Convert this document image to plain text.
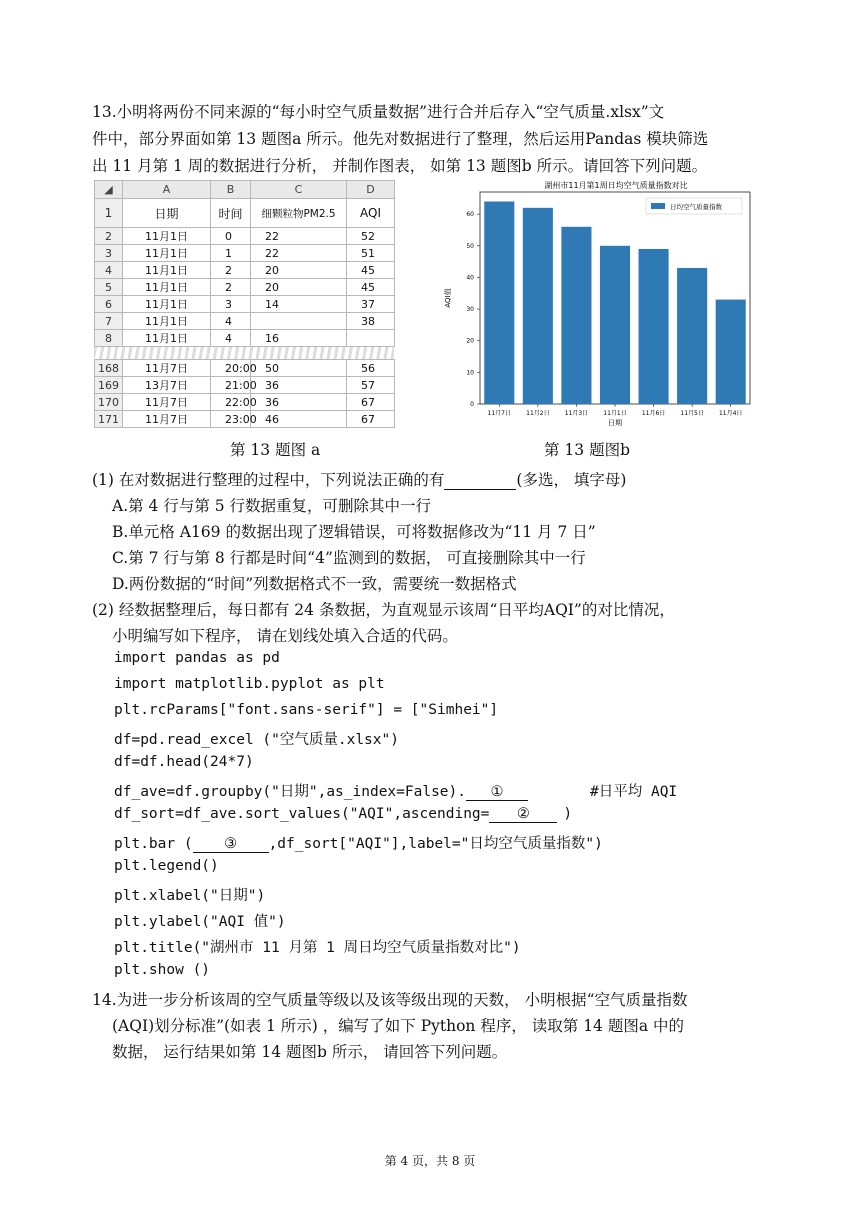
13.小明将两份不同来源的“每小时空气质量数据”进行合并后存入“空气质量.xlsx”文
件中，部分界面如第 13 题图a 所示。他先对数据进行了整理，然后运用Pandas 模块筛选
出 11 月第 1 周的数据进行分析， 并制作图表， 如第 13 题图b 所示。请回答下列问题。
◢	A	B	C	D
1	日期	时间	细颗粒物PM2.5	AQI
2	11月1日	0	22	52
3	11月1日	1	22	51
4	11月1日	2	20	45
5	11月1日	2	20	45
6	11月1日	3	14	37
7	11月1日	4		38
8	11月1日	4	16	
168	11月7日	20:00	50	56
169	13月7日	21:00	36	57
170	11月7日	22:00	36	67
171	11月7日	23:00	46	67
湖州市11月第1周日均空气质量指数对比
0
10
20
30
40
50
60
11月7日	11月2日	11月3日	11月1日	11月6日	11月5日	11月4日
日期
AQI值
日均空气质量指数
第 13 题图 a	第 13 题图b
(1) 在对数据进行整理的过程中，下列说法正确的有	(多选， 填字母)
A.第 4 行与第 5 行数据重复，可删除其中一行
B.单元格 A169 的数据出现了逻辑错误，可将数据修改为“11 月 7 日”
C.第 7 行与第 8 行都是时间“4”监测到的数据， 可直接删除其中一行
D.两份数据的“时间”列数据格式不一致，需要统一数据格式
(2) 经数据整理后，每日都有 24 条数据，为直观显示该周“日平均AQI”的对比情况，
小明编写如下程序， 请在划线处填入合适的代码。
import pandas as pd
import matplotlib.pyplot as plt
plt.rcParams["font.sans-serif"] = ["Simhei"]
df=pd.read_excel ("空气质量.xlsx")
df=df.head(24*7)
df_ave=df.groupby("日期",as_index=False). ①	#日平均 AQI
df_sort=df_ave.sort_values("AQI",ascending= ② )
plt.bar ( ③ ,df_sort["AQI"],label="日均空气质量指数")
plt.legend()
plt.xlabel("日期")
plt.ylabel("AQI 值")
plt.title("湖州市 11 月第 1 周日均空气质量指数对比")
plt.show ()
14.为进一步分析该周的空气质量等级以及该等级出现的天数， 小明根据“空气质量指数
(AQI)划分标准”(如表 1 所示) ，编写了如下 Python 程序， 读取第 14 题图a 中的
数据， 运行结果如第 14 题图b 所示， 请回答下列问题。
第 4 页，共 8 页
